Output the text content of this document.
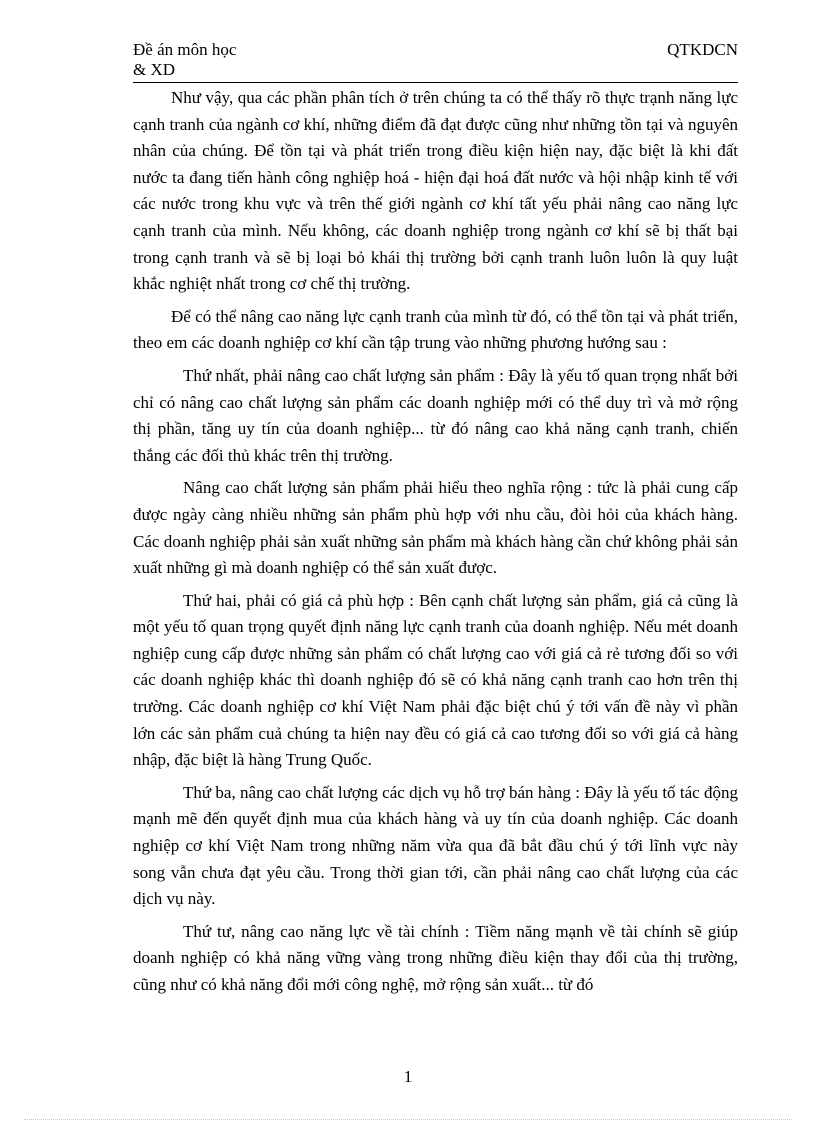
Đề án môn học
& XD
QTKDCN

Như vậy, qua các phần phân tích ở trên chúng ta có thể thấy rõ thực trạnh năng lực cạnh tranh của ngành cơ khí, những điểm đã đạt được cũng như những tồn tại và nguyên nhân của chúng. Để tồn tại và phát triển trong điều kiện hiện nay, đặc biệt là khi đất nước ta đang tiến hành công nghiệp hoá - hiện đại hoá đất nước và hội nhập kinh tế với các nước trong khu vực và trên thế giới ngành cơ khí tất yếu phải nâng cao năng lực cạnh tranh của mình. Nếu không, các doanh nghiệp trong ngành cơ khí sẽ bị thất bại trong cạnh tranh và sẽ bị loại bỏ khái thị trường bởi cạnh tranh luôn luôn là quy luật khắc nghiệt nhất trong cơ chế thị trường.

Để có thể nâng cao năng lực cạnh tranh của mình từ đó, có thể tồn tại và phát triển, theo em các doanh nghiệp cơ khí cần tập trung vào những phương hướng sau :

Thứ nhất, phải nâng cao chất lượng sản phẩm : Đây là yếu tố quan trọng nhất bởi chỉ có nâng cao chất lượng sản phẩm các doanh nghiệp mới có thể duy trì và mở rộng thị phần, tăng uy tín của doanh nghiệp... từ đó nâng cao khả năng cạnh tranh, chiến thắng các đối thủ khác trên thị trường.

Nâng cao chất lượng sản phẩm phải hiểu theo nghĩa rộng : tức là phải cung cấp được ngày càng nhiều những sản phẩm phù hợp với nhu cầu, đòi hỏi của khách hàng. Các doanh nghiệp phải sản xuất những sản phẩm mà khách hàng cần chứ không phải sản xuất những gì mà doanh nghiệp có thể sản xuất được.

Thứ hai, phải có giá cả phù hợp : Bên cạnh chất lượng sản phẩm, giá cả cũng là một yếu tố quan trọng quyết định năng lực cạnh tranh của doanh nghiệp. Nếu mét doanh nghiệp cung cấp được những sản phẩm có chất lượng cao với giá cả rẻ tương đối so với các doanh nghiệp khác thì doanh nghiệp đó sẽ có khả năng cạnh tranh cao hơn trên thị trường. Các doanh nghiệp cơ khí Việt Nam phải đặc biệt chú ý tới vấn đề này vì phần lớn các sản phẩm cuả chúng ta hiện nay đều có giá cả cao tương đối so với giá cả hàng nhập, đặc biệt là hàng Trung Quốc.

Thứ ba, nâng cao chất lượng các dịch vụ hỗ trợ bán hàng : Đây là yếu tố tác động mạnh mẽ đến quyết định mua của khách hàng và uy tín của doanh nghiệp. Các doanh nghiệp cơ khí Việt Nam trong những năm vừa qua đã bắt đầu chú ý tới lĩnh vực này song vẫn chưa đạt yêu cầu. Trong thời gian tới, cần phải nâng cao chất lượng của các dịch vụ này.

Thứ tư, nâng cao năng lực về tài chính : Tiềm năng mạnh về tài chính sẽ giúp doanh nghiệp có khả năng vững vàng trong những điều kiện thay đổi của thị trường, cũng như có khả năng đổi mới công nghệ, mở rộng sản xuất... từ đó

1
